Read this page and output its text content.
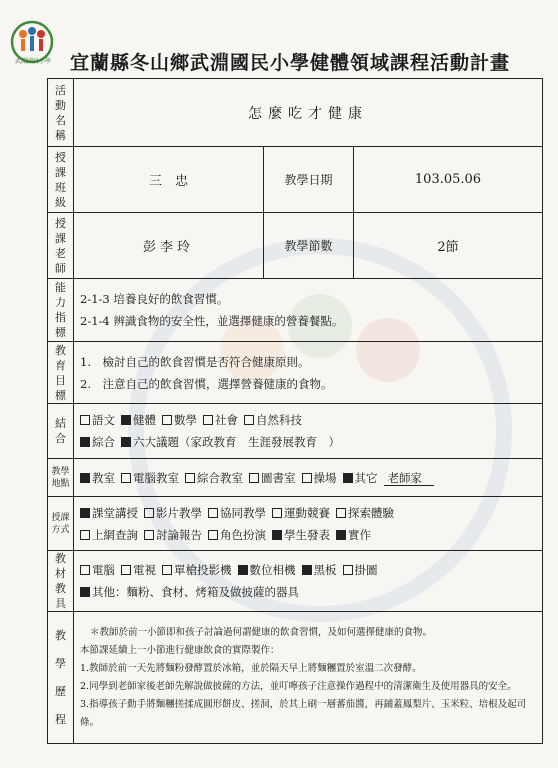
武淵國民小學	宜蘭縣冬山鄉武淵國民小學健體領域課程活動計畫
活動名稱	怎麼吃才健康		
授課班級	三　忠	教學日期	103.05.06
授課老師	彭李玲	教學節數	2節
能力指標	2-1-3 培養良好的飲食習慣。
2-1-4 辨識食物的安全性，並選擇健康的營養餐點。		

教育目標	1.　檢討自己的飲食習慣是否符合健康原則。
2.　注意自己的飲食習慣，選擇營養健康的食物。		

結合	語文 健體 數學 社會 自然科技
綜合 六大議題（家政教育　生涯發展教育　）		

教學地點	教室 電腦教室 綜合教室 圖書室 操場 其它 老師家		

授課方式	課堂講授 影片教學 協同教學 運動競賽 探索體驗
上網查詢 討論報告 角色扮演 學生發表 實作		

教材教具	電腦 電視 單槍投影機 數位相機 黑板 掛圖
其他：麵粉、食材、烤箱及做披薩的器具		

教學歷程	＊教師於前一小節即和孩子討論過何謂健康的飲食習慣，及如何選擇健康的食物。
本節課延續上一小節進行健康飲食的實際製作：
1.教師於前一天先將麵粉發酵置於冰箱，並於隔天早上將麵糰置於室溫二次發酵。
2.同學到老師家後老師先解說做披薩的方法，並叮嚀孩子注意操作過程中的清潔衛生及使用器具的安全。
3.指導孩子動手將麵糰搓揉成圓形餅皮、搓洞，於其上刷一層蕃茄醬，再鋪蓋鳳梨片、玉米粒、培根及起司條。		
